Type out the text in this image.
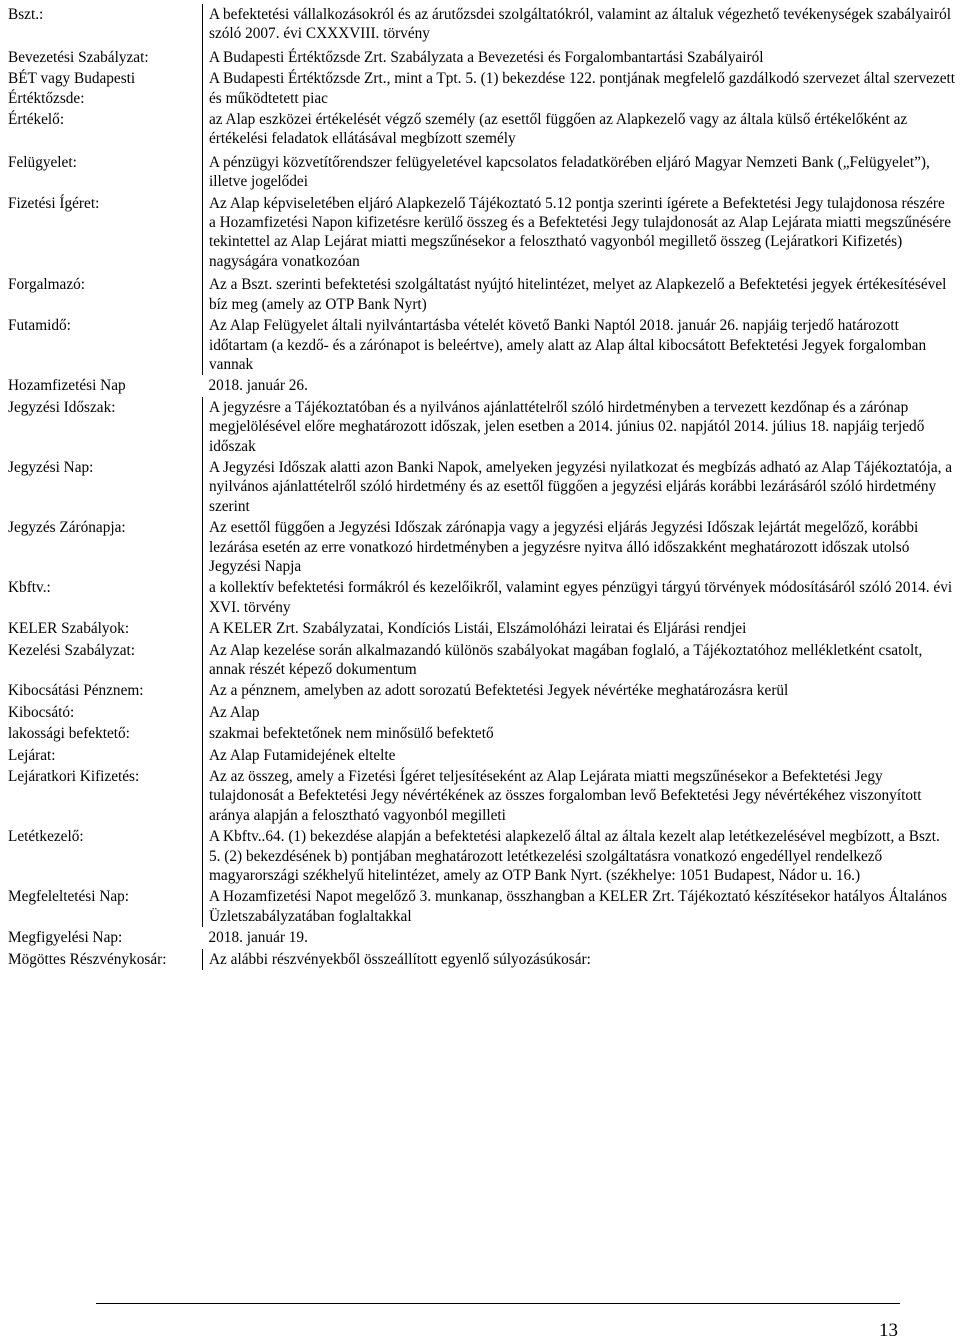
Bszt.:	A befektetési vállalkozásokról és az árutőzsdei szolgáltatókról, valamint az általuk végezhető tevékenységek szabályairól szóló 2007. évi CXXXVIII. törvény
Bevezetési Szabályzat:	A Budapesti Értéktőzsde Zrt. Szabályzata a Bevezetési és Forgalombantartási Szabályairól
BÉT vagy Budapesti Értéktőzsde:	A Budapesti Értéktőzsde Zrt., mint a Tpt. 5. (1) bekezdése 122. pontjának megfelelő gazdálkodó szervezet által szervezett és működtetett piac
Értékelő:	az Alap eszközei értékelését végző személy (az esettől függően az Alapkezelő vagy az általa külső értékelőként az értékelési feladatok ellátásával megbízott személy
Felügyelet:	A pénzügyi közvetítőrendszer felügyeletével kapcsolatos feladatkörében eljáró Magyar Nemzeti Bank („Felügyelet”), illetve jogelődei
Fizetési Ígéret:	Az Alap képviseletében eljáró Alapkezelő Tájékoztató 5.12 pontja szerinti ígérete a Befektetési Jegy tulajdonosa részére a Hozamfizetési Napon kifizetésre kerülő összeg és a Befektetési Jegy tulajdonosát az Alap Lejárata miatti megszűnésére tekintettel az Alap Lejárat miatti megszűnésekor a felosztható vagyonból megillető összeg (Lejáratkori Kifizetés) nagyságára vonatkozóan
Forgalmazó:	Az a Bszt. szerinti befektetési szolgáltatást nyújtó hitelintézet, melyet az Alapkezelő a Befektetési jegyek értékesítésével bíz meg (amely az OTP Bank Nyrt)
Futamidő:	Az Alap Felügyelet általi nyilvántartásba vételét követő Banki Naptól 2018. január 26. napjáig terjedő határozott időtartam (a kezdő- és a zárónapot is beleértve), amely alatt az Alap által kibocsátott Befektetési Jegyek forgalomban vannak
Hozamfizetési Nap	2018. január 26.
Jegyzési Időszak:	A jegyzésre a Tájékoztatóban és a nyilvános ajánlattételről szóló hirdetményben a tervezett kezdőnap és a zárónap megjelölésével előre meghatározott időszak, jelen esetben a 2014. június 02. napjától 2014. július 18. napjáig terjedő időszak
Jegyzési Nap:	A Jegyzési Időszak alatti azon Banki Napok, amelyeken jegyzési nyilatkozat és megbízás adható az Alap Tájékoztatója, a nyilvános ajánlattételről szóló hirdetmény és az esettől függően a jegyzési eljárás korábbi lezárásáról szóló hirdetmény szerint
Jegyzés Zárónapja:	Az esettől függően a Jegyzési Időszak zárónapja vagy a jegyzési eljárás Jegyzési Időszak lejártát megelőző, korábbi lezárása esetén az erre vonatkozó hirdetményben a jegyzésre nyitva álló időszakként meghatározott időszak utolsó Jegyzési Napja
Kbftv.:	a kollektív befektetési formákról és kezelőikről, valamint egyes pénzügyi tárgyú törvények módosításáról szóló 2014. évi XVI. törvény
KELER Szabályok:	A KELER Zrt. Szabályzatai, Kondíciós Listái, Elszámolóházi leiratai és Eljárási rendjei
Kezelési Szabályzat:	Az Alap kezelése során alkalmazandó különös szabályokat magában foglaló, a Tájékoztatóhoz mellékletként csatolt, annak részét képező dokumentum
Kibocsátási Pénznem:	Az a pénznem, amelyben az adott sorozatú Befektetési Jegyek névértéke meghatározásra kerül
Kibocsátó:	Az Alap
lakossági befektető:	szakmai befektetőnek nem minősülő befektető
Lejárat:	Az Alap Futamidejének eltelte
Lejáratkori Kifizetés:	Az az összeg, amely a Fizetési Ígéret teljesítéseként az Alap Lejárata miatti megszűnésekor a Befektetési Jegy tulajdonosát a Befektetési Jegy névértékének az összes forgalomban levő Befektetési Jegy névértékéhez viszonyított aránya alapján a felosztható vagyonból megilleti
Letétkezelő:	A Kbftv..64. (1) bekezdése alapján a befektetési alapkezelő által az általa kezelt alap letétkezelésével megbízott, a Bszt. 5. (2) bekezdésének b) pontjában meghatározott letétkezelési szolgáltatásra vonatkozó engedéllyel rendelkező magyarországi székhelyű hitelintézet, amely az OTP Bank Nyrt. (székhelye: 1051 Budapest, Nádor u. 16.)
Megfeleltetési Nap:	A Hozamfizetési Napot megelőző 3. munkanap, összhangban a KELER Zrt. Tájékoztató készítésekor hatályos Általános Üzletszabályzatában foglaltakkal
Megfigyelési Nap:	2018. január 19.
Mögöttes Részvénykosár:	Az alábbi részvényekből összeállított egyenlő súlyozásúkosár:
13
